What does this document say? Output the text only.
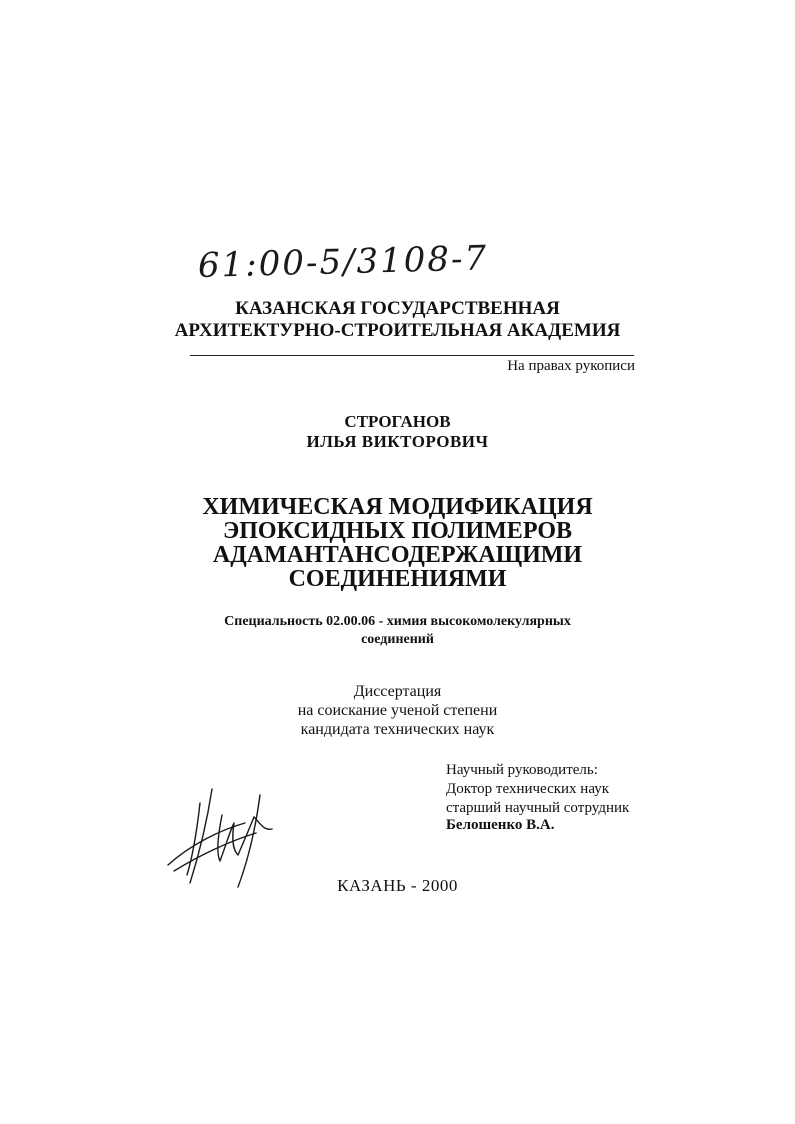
61:00-5/3108-7
КАЗАНСКАЯ ГОСУДАРСТВЕННАЯ
АРХИТЕКТУРНО-СТРОИТЕЛЬНАЯ АКАДЕМИЯ
На правах рукописи
СТРОГАНОВ
ИЛЬЯ ВИКТОРОВИЧ
ХИМИЧЕСКАЯ МОДИФИКАЦИЯ
ЭПОКСИДНЫХ ПОЛИМЕРОВ
АДАМАНТАНСОДЕРЖАЩИМИ
СОЕДИНЕНИЯМИ
Специальность 02.00.06 - химия высокомолекулярных
соединений
Диссертация
на соискание ученой степени
кандидата технических наук
Научный руководитель:
Доктор технических наук
старший научный сотрудник
Белошенко В.А.
КАЗАНЬ - 2000
